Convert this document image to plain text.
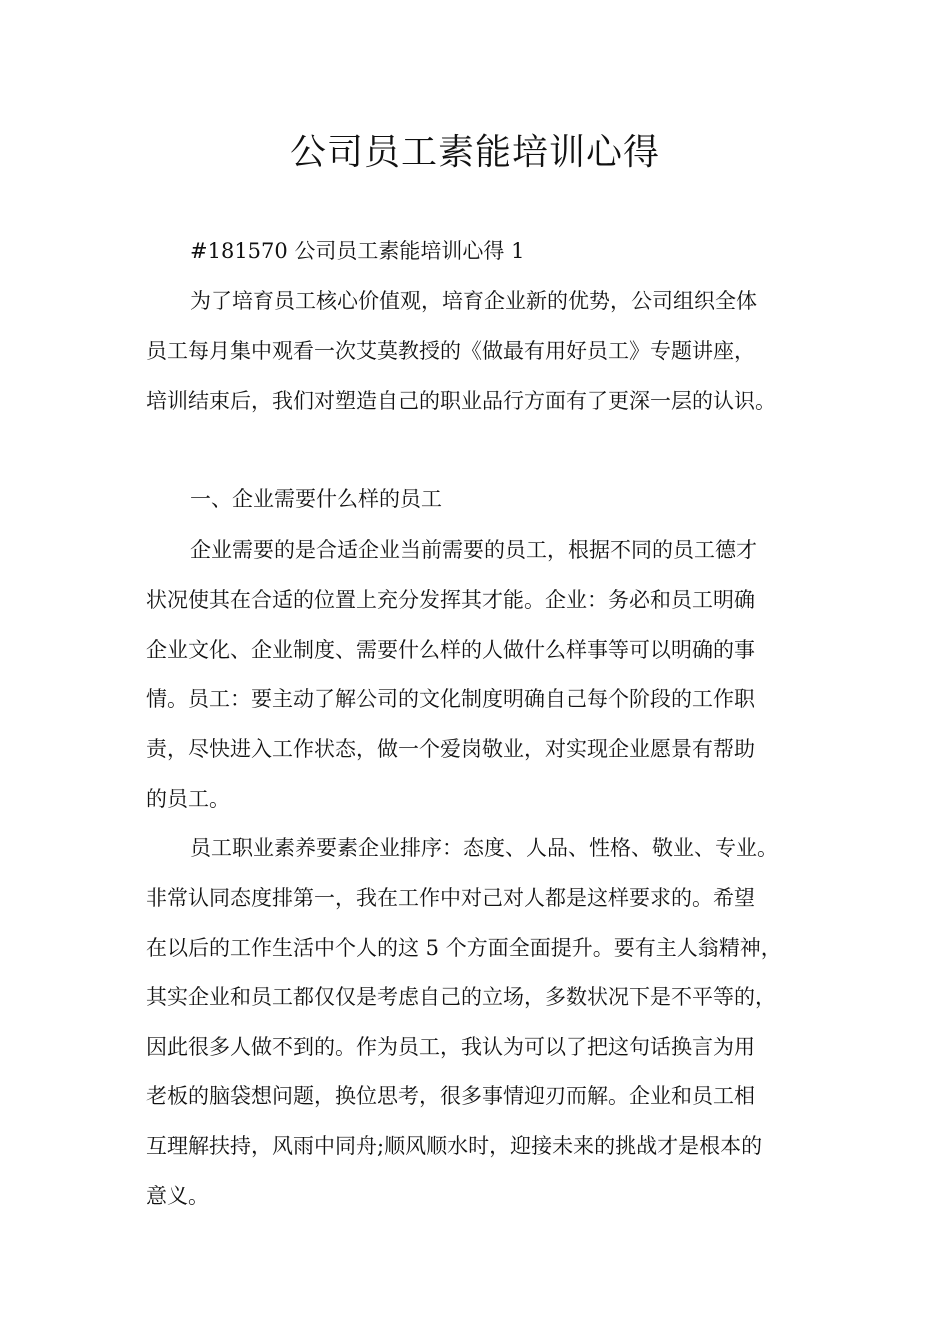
公司员工素能培训心得

#181570 公司员工素能培训心得 1

为了培育员工核心价值观，培育企业新的优势，公司组织全体

员工每月集中观看一次艾莫教授的《做最有用好员工》专题讲座，

培训结束后，我们对塑造自己的职业品行方面有了更深一层的认识。

一、企业需要什么样的员工

企业需要的是合适企业当前需要的员工，根据不同的员工德才

状况使其在合适的位置上充分发挥其才能。企业：务必和员工明确

企业文化、企业制度、需要什么样的人做什么样事等可以明确的事

情。员工：要主动了解公司的文化制度明确自己每个阶段的工作职

责，尽快进入工作状态，做一个爱岗敬业，对实现企业愿景有帮助

的员工。

员工职业素养要素企业排序：态度、人品、性格、敬业、专业。

非常认同态度排第一，我在工作中对己对人都是这样要求的。希望

在以后的工作生活中个人的这 5 个方面全面提升。要有主人翁精神，

其实企业和员工都仅仅是考虑自己的立场，多数状况下是不平等的，

因此很多人做不到的。作为员工，我认为可以了把这句话换言为用

老板的脑袋想问题，换位思考，很多事情迎刃而解。企业和员工相

互理解扶持，风雨中同舟;顺风顺水时，迎接未来的挑战才是根本的

意义。
